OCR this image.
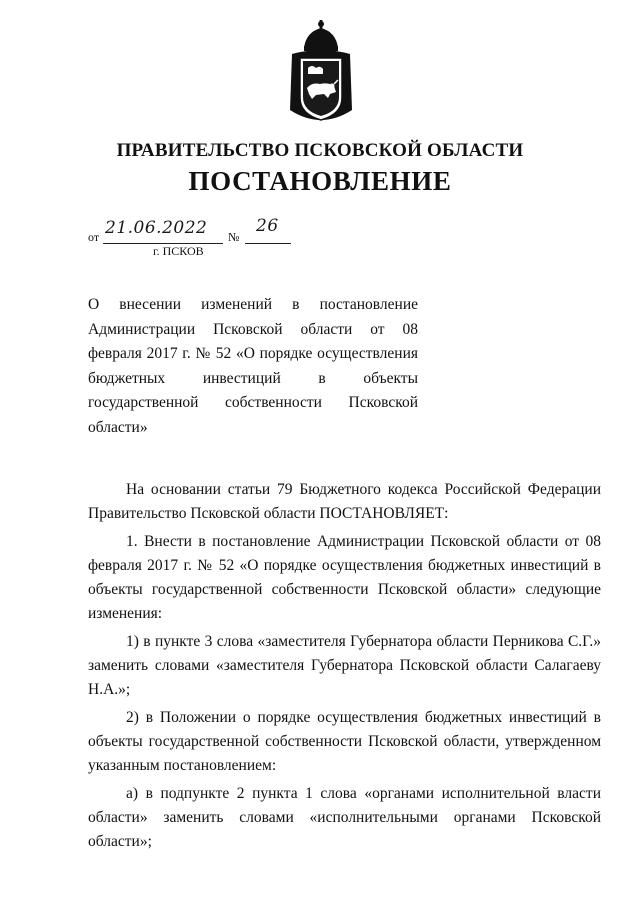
ПРАВИТЕЛЬСТВО ПСКОВСКОЙ ОБЛАСТИ
ПОСТАНОВЛЕНИЕ
от 21.06.2022 №
26
г. ПСКОВ
О внесении изменений в постановление Администрации Псковской области от 08 февраля 2017 г. № 52 «О порядке осуществления бюджетных инвестиций в объекты государственной собственности Псковской области»

На основании статьи 79 Бюджетного кодекса Российской Федерации Правительство Псковской области ПОСТАНОВЛЯЕТ:

1. Внести в постановление Администрации Псковской области от 08 февраля 2017 г. № 52 «О порядке осуществления бюджетных инвестиций в объекты государственной собственности Псковской области» следующие изменения:

1) в пункте 3 слова «заместителя Губернатора области Перникова С.Г.» заменить словами «заместителя Губернатора Псковской области Салагаеву Н.А.»;

2) в Положении о порядке осуществления бюджетных инвестиций в объекты государственной собственности Псковской области, утвержденном указанным постановлением:

а) в подпункте 2 пункта 1 слова «органами исполнительной власти области» заменить словами «исполнительными органами Псковской области»;
